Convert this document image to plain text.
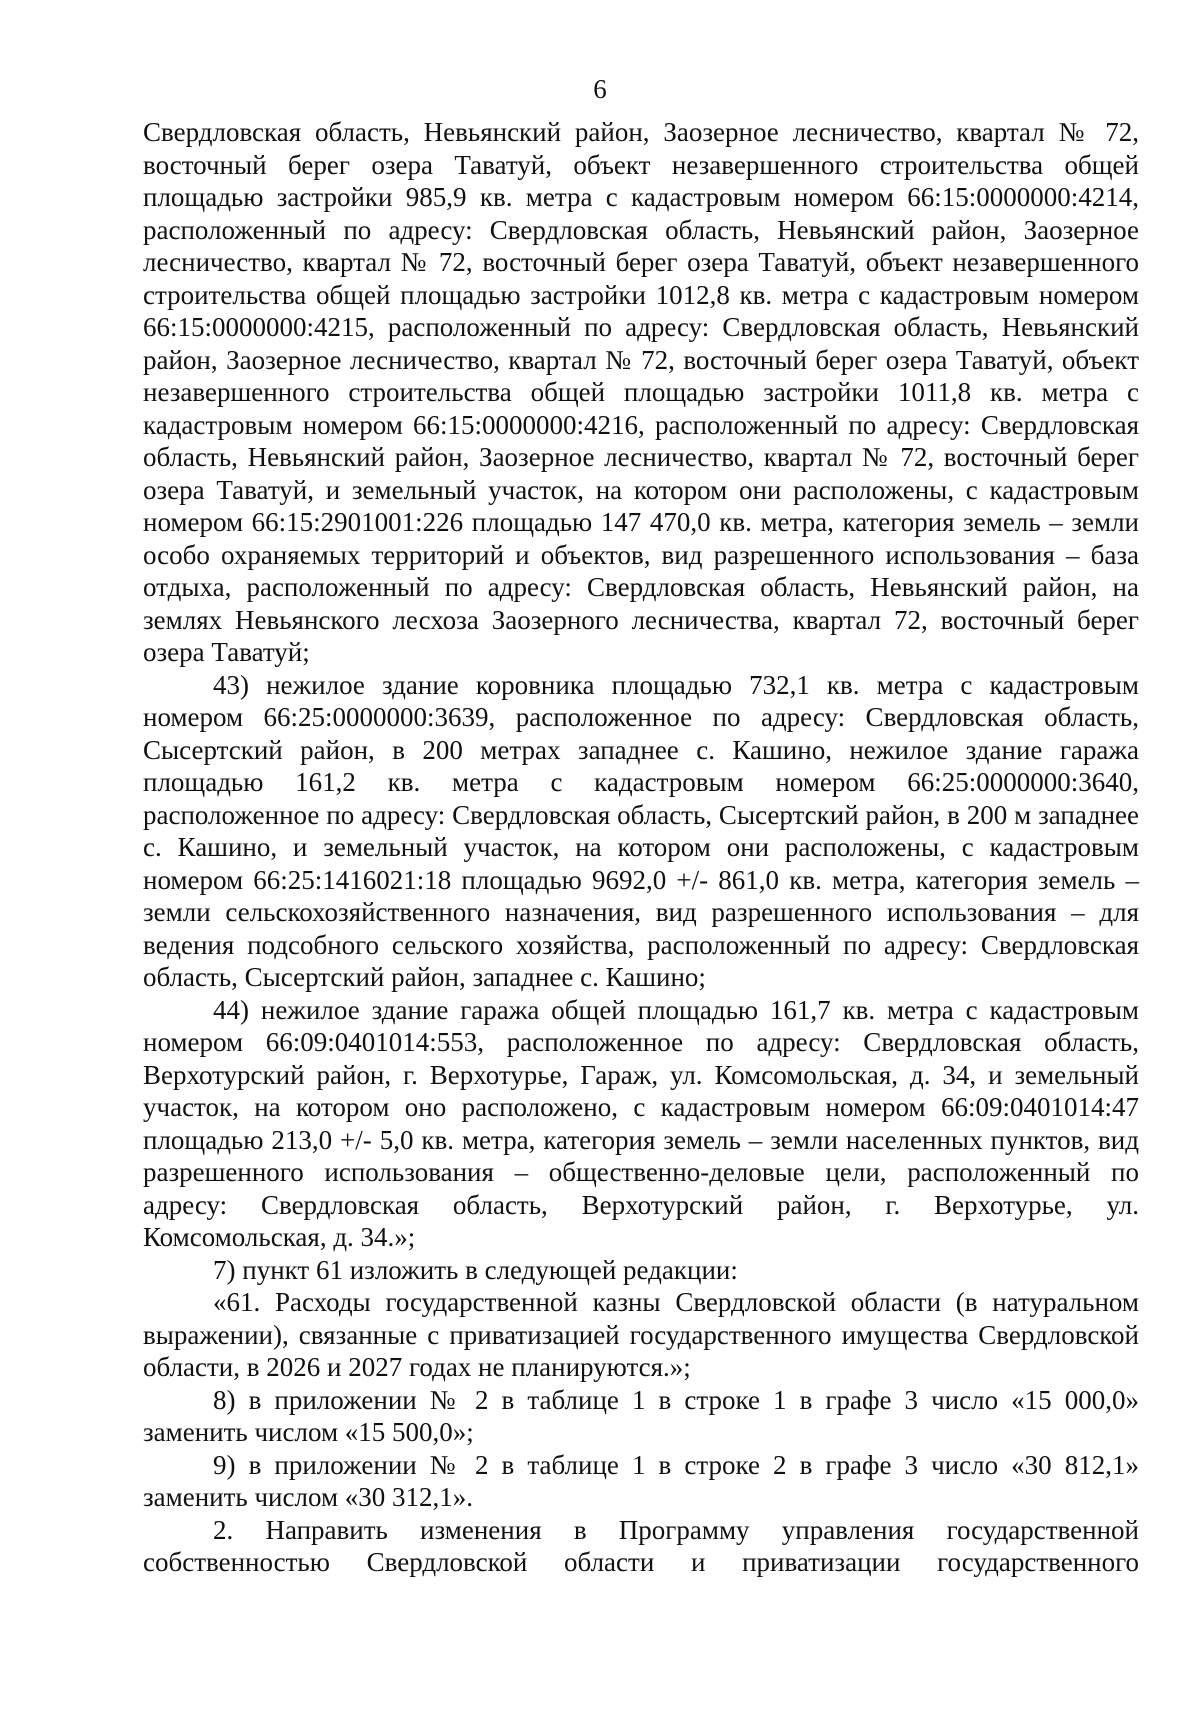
6

Свердловская область, Невьянский район, Заозерное лесничество, квартал № 72, восточный берег озера Таватуй, объект незавершенного строительства общей площадью застройки 985,9 кв. метра с кадастровым номером 66:15:0000000:4214, расположенный по адресу: Свердловская область, Невьянский район, Заозерное лесничество, квартал № 72, восточный берег озера Таватуй, объект незавершенного строительства общей площадью застройки 1012,8 кв. метра с кадастровым номером 66:15:0000000:4215, расположенный по адресу: Свердловская область, Невьянский район, Заозерное лесничество, квартал № 72, восточный берег озера Таватуй, объект незавершенного строительства общей площадью застройки 1011,8 кв. метра с кадастровым номером 66:15:0000000:4216, расположенный по адресу: Свердловская область, Невьянский район, Заозерное лесничество, квартал № 72, восточный берег озера Таватуй, и земельный участок, на котором они расположены, с кадастровым номером 66:15:2901001:226 площадью 147 470,0 кв. метра, категория земель – земли особо охраняемых территорий и объектов, вид разрешенного использования – база отдыха, расположенный по адресу: Свердловская область, Невьянский район, на землях Невьянского лесхоза Заозерного лесничества, квартал 72, восточный берег озера Таватуй;

43) нежилое здание коровника площадью 732,1 кв. метра с кадастровым номером 66:25:0000000:3639, расположенное по адресу: Свердловская область, Сысертский район, в 200 метрах западнее с. Кашино, нежилое здание гаража площадью 161,2 кв. метра с кадастровым номером 66:25:0000000:3640, расположенное по адресу: Свердловская область, Сысертский район, в 200 м западнее с. Кашино, и земельный участок, на котором они расположены, с кадастровым номером 66:25:1416021:18 площадью 9692,0 +/- 861,0 кв. метра, категория земель – земли сельскохозяйственного назначения, вид разрешенного использования – для ведения подсобного сельского хозяйства, расположенный по адресу: Свердловская область, Сысертский район, западнее с. Кашино;

44) нежилое здание гаража общей площадью 161,7 кв. метра с кадастровым номером 66:09:0401014:553, расположенное по адресу: Свердловская область, Верхотурский район, г. Верхотурье, Гараж, ул. Комсомольская, д. 34, и земельный участок, на котором оно расположено, с кадастровым номером 66:09:0401014:47 площадью 213,0 +/- 5,0 кв. метра, категория земель – земли населенных пунктов, вид разрешенного использования – общественно-деловые цели, расположенный по адресу: Свердловская область, Верхотурский район, г. Верхотурье, ул. Комсомольская, д. 34.»;

7) пункт 61 изложить в следующей редакции:

«61. Расходы государственной казны Свердловской области (в натуральном выражении), связанные с приватизацией государственного имущества Свердловской области, в 2026 и 2027 годах не планируются.»;

8) в приложении № 2 в таблице 1 в строке 1 в графе 3 число «15 000,0» заменить числом «15 500,0»;

9) в приложении № 2 в таблице 1 в строке 2 в графе 3 число «30 812,1» заменить числом «30 312,1».

2. Направить изменения в Программу управления государственной собственностью Свердловской области и приватизации государственного
